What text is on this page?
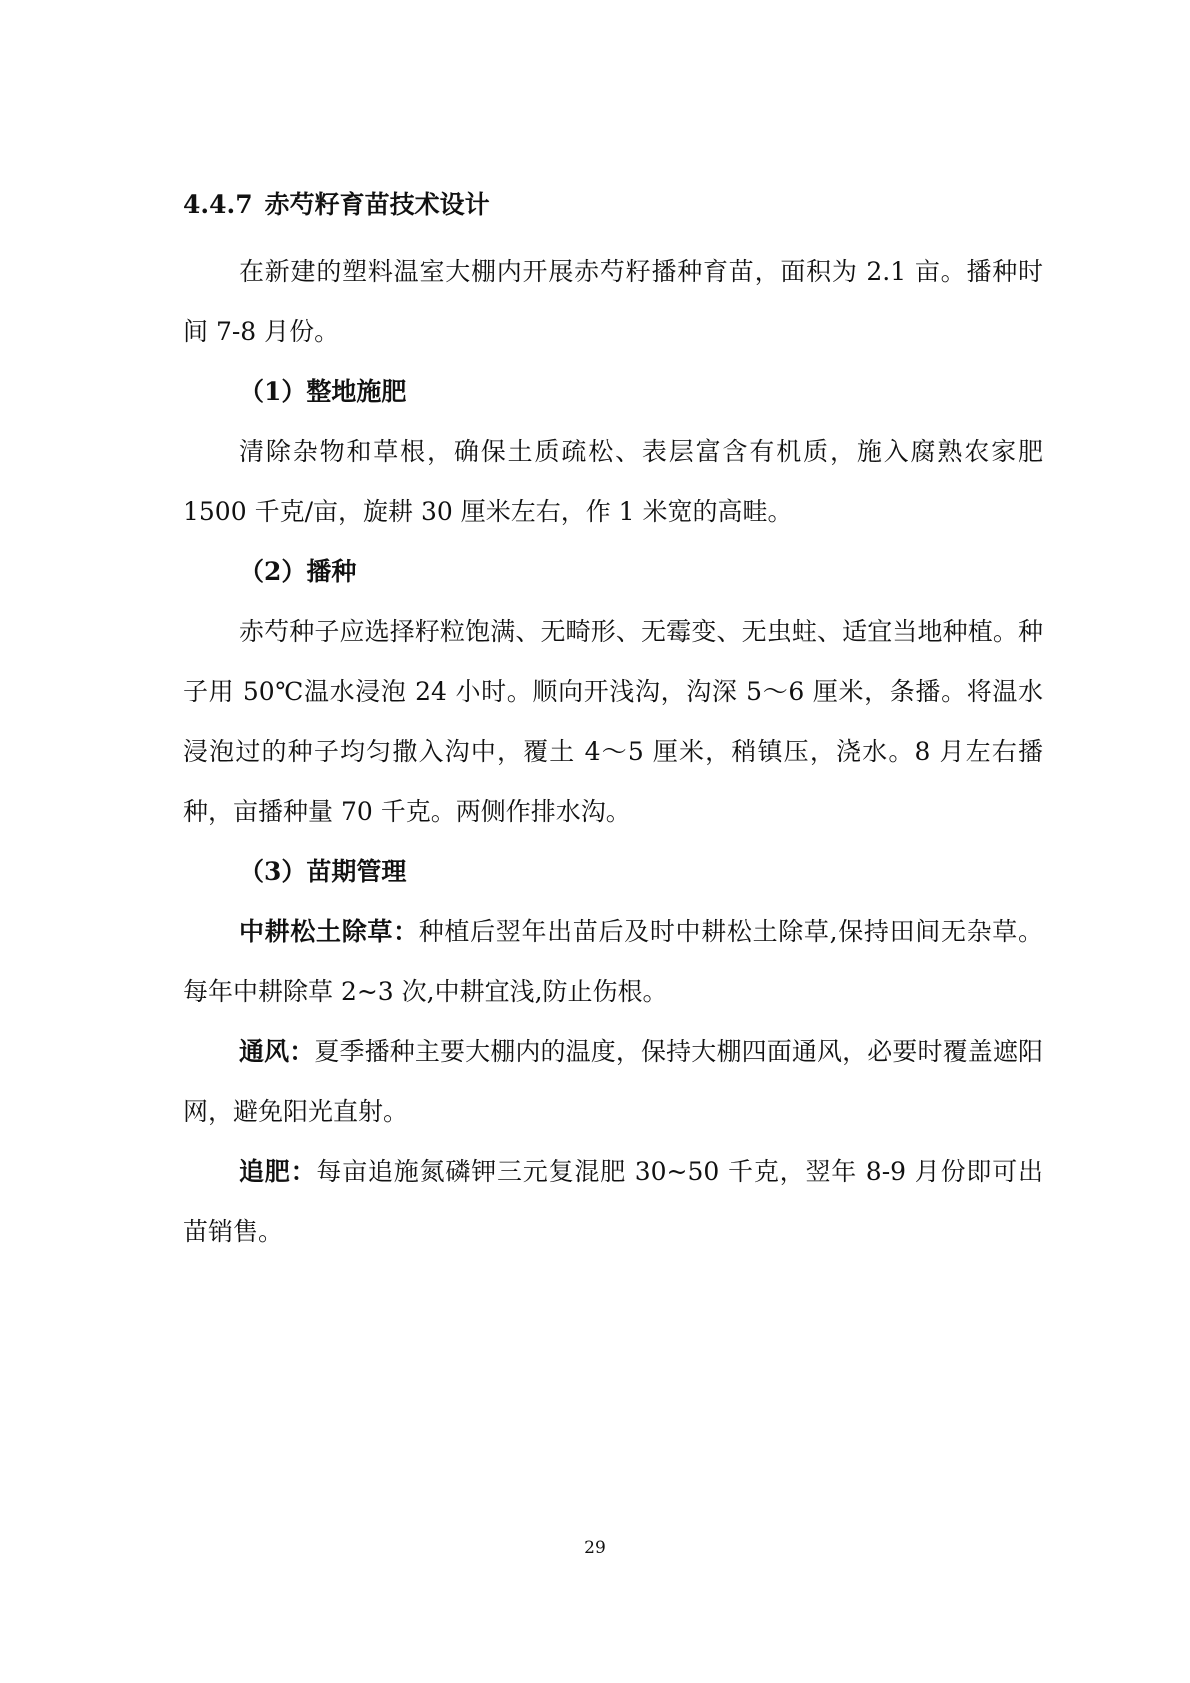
4.4.7 赤芍籽育苗技术设计

在新建的塑料温室大棚内开展赤芍籽播种育苗，面积为 2.1 亩。播种时间 7-8 月份。

（1）整地施肥

清除杂物和草根，确保土质疏松、表层富含有机质，施入腐熟农家肥 1500 千克/亩，旋耕 30 厘米左右，作 1 米宽的高畦。

（2）播种

赤芍种子应选择籽粒饱满、无畸形、无霉变、无虫蛀、适宜当地种植。种子用 50℃温水浸泡 24 小时。顺向开浅沟，沟深 5～6 厘米，条播。将温水浸泡过的种子均匀撒入沟中，覆土 4～5 厘米，稍镇压，浇水。8 月左右播种，亩播种量 70 千克。两侧作排水沟。

（3）苗期管理

中耕松土除草：种植后翌年出苗后及时中耕松土除草,保持田间无杂草。每年中耕除草 2~3 次,中耕宜浅,防止伤根。

通风：夏季播种主要大棚内的温度，保持大棚四面通风，必要时覆盖遮阳网，避免阳光直射。

追肥：每亩追施氮磷钾三元复混肥 30~50 千克，翌年 8-9 月份即可出苗销售。

29
